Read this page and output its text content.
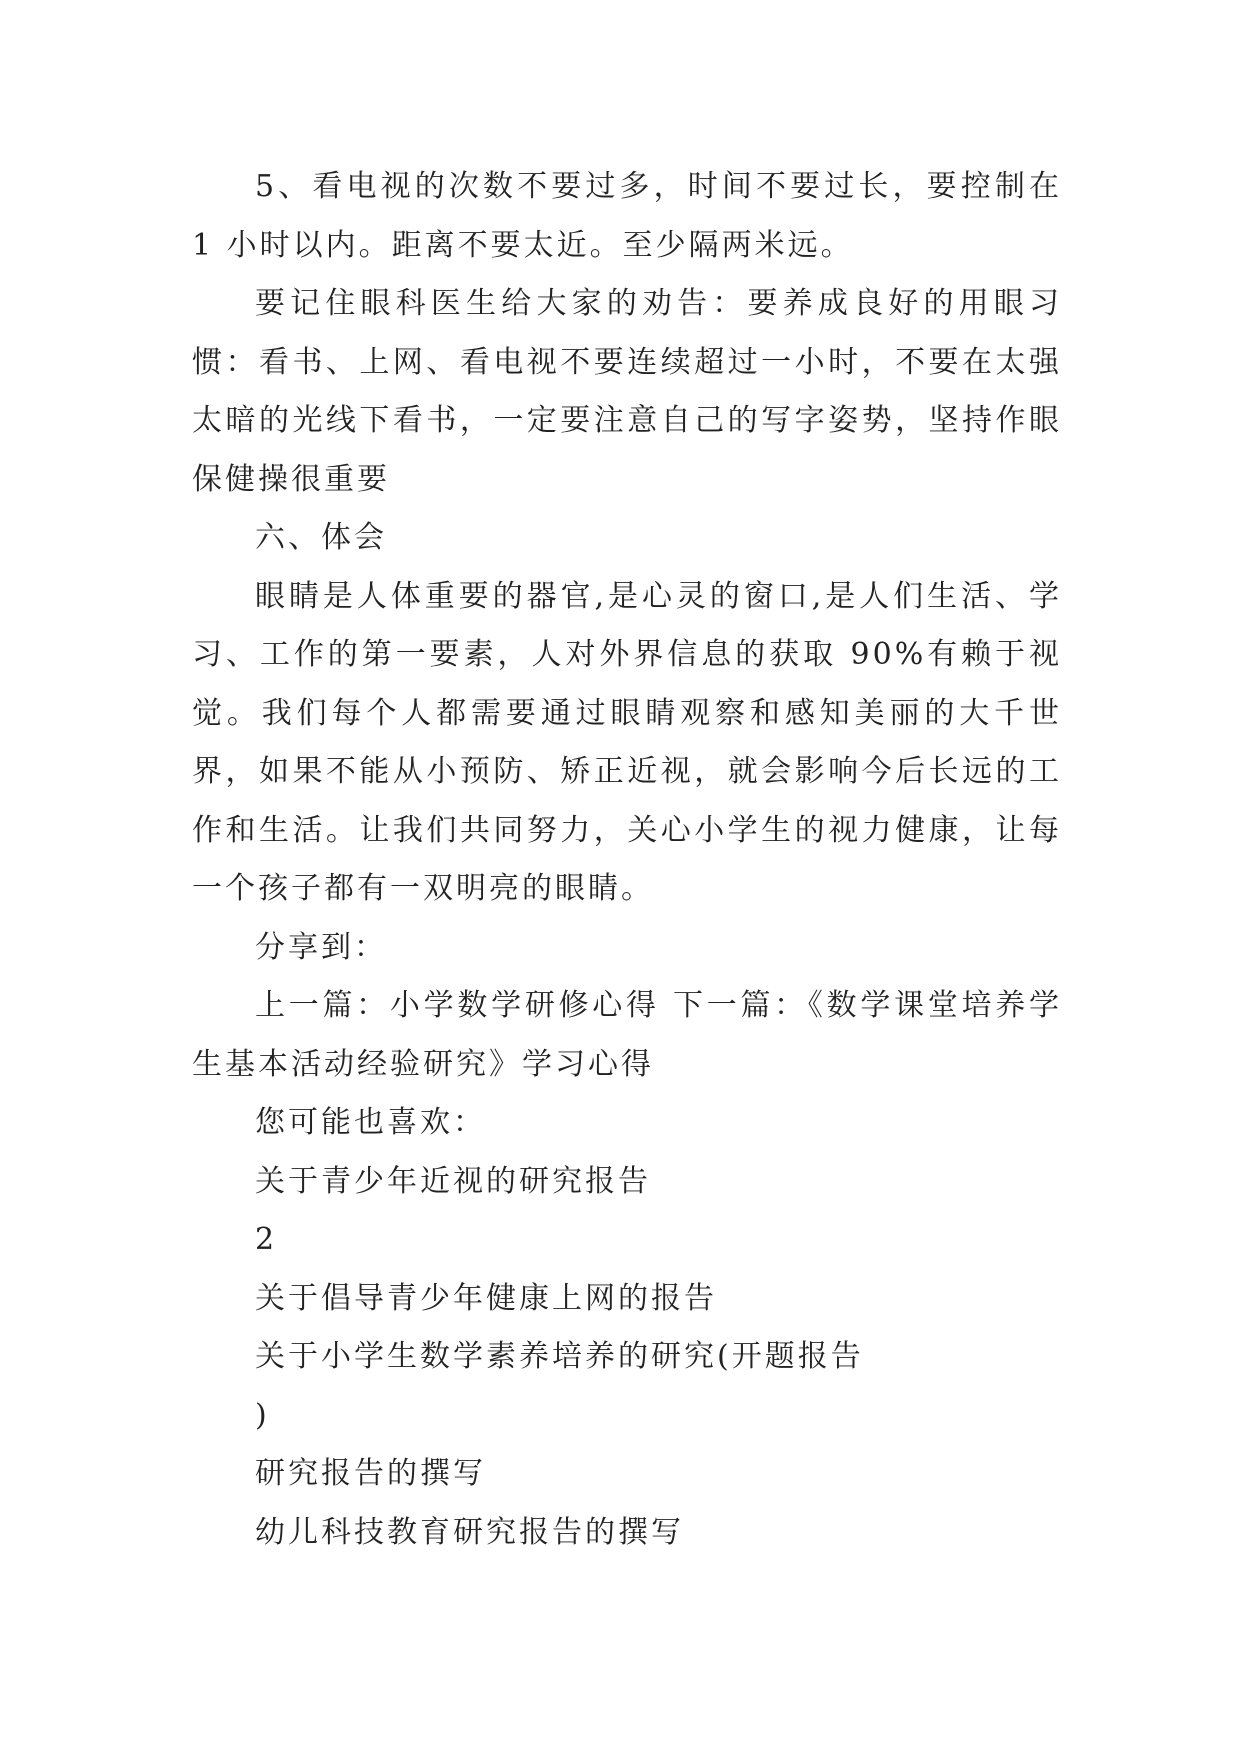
5、看电视的次数不要过多，时间不要过长，要控制在 1 小时以内。距离不要太近。至少隔两米远。

要记住眼科医生给大家的劝告：要养成良好的用眼习惯：看书、上网、看电视不要连续超过一小时，不要在太强太暗的光线下看书，一定要注意自己的写字姿势，坚持作眼保健操很重要

六、体会

眼睛是人体重要的器官,是心灵的窗口,是人们生活、学习、工作的第一要素，人对外界信息的获取 90%有赖于视觉。我们每个人都需要通过眼睛观察和感知美丽的大千世界，如果不能从小预防、矫正近视，就会影响今后长远的工作和生活。让我们共同努力，关心小学生的视力健康，让每一个孩子都有一双明亮的眼睛。

分享到：

上一篇：小学数学研修心得 下一篇：《数学课堂培养学生基本活动经验研究》学习心得

您可能也喜欢：

关于青少年近视的研究报告

2

关于倡导青少年健康上网的报告

关于小学生数学素养培养的研究(开题报告

)

研究报告的撰写

幼儿科技教育研究报告的撰写
